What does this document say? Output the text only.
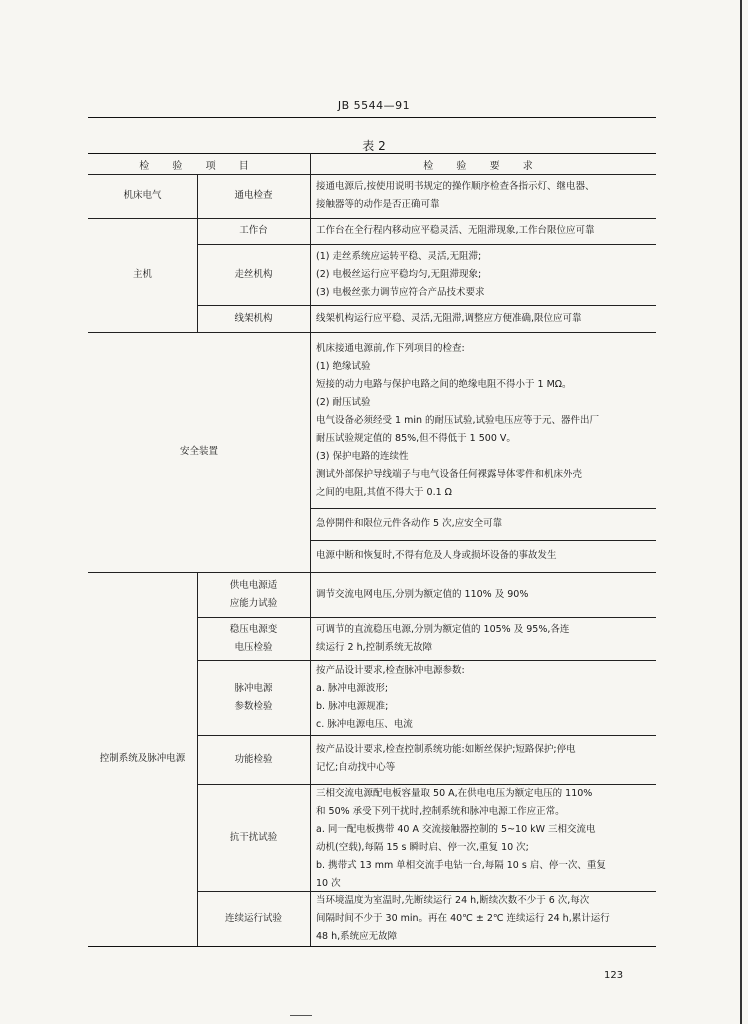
JB 5544—91
表 2
检 验 项 目	检 验 要 求
机床电气
主机
安全装置
控制系统及脉冲电源
通电检查
工作台
走丝机构
线架机构
供电电源适
应能力试验
稳压电源变
电压检验
脉冲电源
参数检验
功能检验
抗干扰试验
连续运行试验
接通电源后,按使用说明书规定的操作顺序检查各指示灯、继电器、
接触器等的动作是否正确可靠
工作台在全行程内移动应平稳灵活、无阻滞现象,工作台限位应可靠
(1) 走丝系统应运转平稳、灵活,无阻滞;
(2) 电极丝运行应平稳均匀,无阻滞现象;
(3) 电极丝张力调节应符合产品技术要求
线架机构运行应平稳、灵活,无阻滞,调整应方便准确,限位应可靠
机床接通电源前,作下列项目的检查:
(1) 绝缘试验
短接的动力电路与保护电路之间的绝缘电阻不得小于 1 MΩ。
(2) 耐压试验
电气设备必须经受 1 min 的耐压试验,试验电压应等于元、器件出厂
耐压试验规定值的 85%,但不得低于 1 500 V。
(3) 保护电路的连续性
测试外部保护导线端子与电气设备任何裸露导体零件和机床外壳
之间的电阻,其值不得大于 0.1 Ω
急停開件和限位元件各动作 5 次,应安全可靠
电源中断和恢复时,不得有危及人身或损坏设备的事故发生
调节交流电网电压,分别为额定值的 110% 及 90%
可调节的直流稳压电源,分别为额定值的 105% 及 95%,各连
续运行 2 h,控制系统无故障
按产品设计要求,检查脉冲电源参数:
a. 脉冲电源波形;
b. 脉冲电源规准;
c. 脉冲电源电压、电流
按产品设计要求,检查控制系统功能:如断丝保护;短路保护;停电
记忆;自动找中心等
三相交流电源配电板容量取 50 A,在供电电压为额定电压的 110%
和 50% 承受下列干扰时,控制系统和脉冲电源工作应正常。
a. 同一配电板携带 40 A 交流接触器控制的 5~10 kW 三相交流电
动机(空载),每隔 15 s 瞬时启、停一次,重复 10 次;
b. 携带式 13 mm 单相交流手电钻一台,每隔 10 s 启、停一次、重复
10 次
当环境温度为室温时,先断续运行 24 h,断续次数不少于 6 次,每次
间隔时间不少于 30 min。再在 40℃ ± 2℃ 连续运行 24 h,累计运行
48 h,系统应无故障
123
